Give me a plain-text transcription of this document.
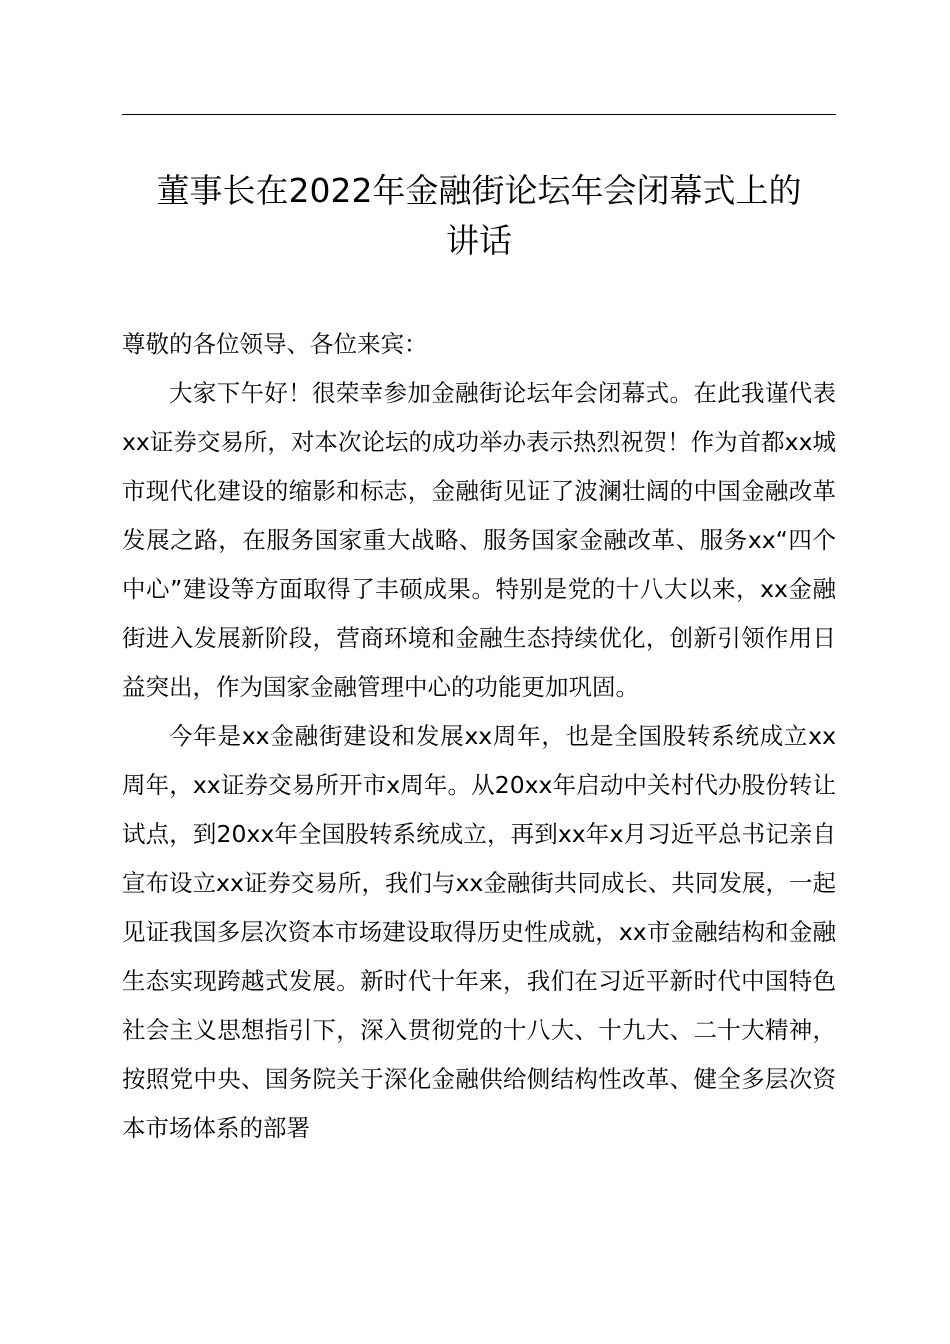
董事长在2022年金融街论坛年会闭幕式上的
讲话

尊敬的各位领导、各位来宾：

大家下午好！很荣幸参加金融街论坛年会闭幕式。在此我谨代表xx证券交易所，对本次论坛的成功举办表示热烈祝贺！作为首都xx城市现代化建设的缩影和标志，金融街见证了波澜壮阔的中国金融改革发展之路，在服务国家重大战略、服务国家金融改革、服务xx“四个中心”建设等方面取得了丰硕成果。特别是党的十八大以来，xx金融街进入发展新阶段，营商环境和金融生态持续优化，创新引领作用日益突出，作为国家金融管理中心的功能更加巩固。

今年是xx金融街建设和发展xx周年，也是全国股转系统成立xx周年，xx证券交易所开市x周年。从20xx年启动中关村代办股份转让试点，到20xx年全国股转系统成立，再到xx年x月习近平总书记亲自宣布设立xx证券交易所，我们与xx金融街共同成长、共同发展，一起见证我国多层次资本市场建设取得历史性成就，xx市金融结构和金融生态实现跨越式发展。新时代十年来，我们在习近平新时代中国特色社会主义思想指引下，深入贯彻党的十八大、十九大、二十大精神，按照党中央、国务院关于深化金融供给侧结构性改革、健全多层次资本市场体系的部署
